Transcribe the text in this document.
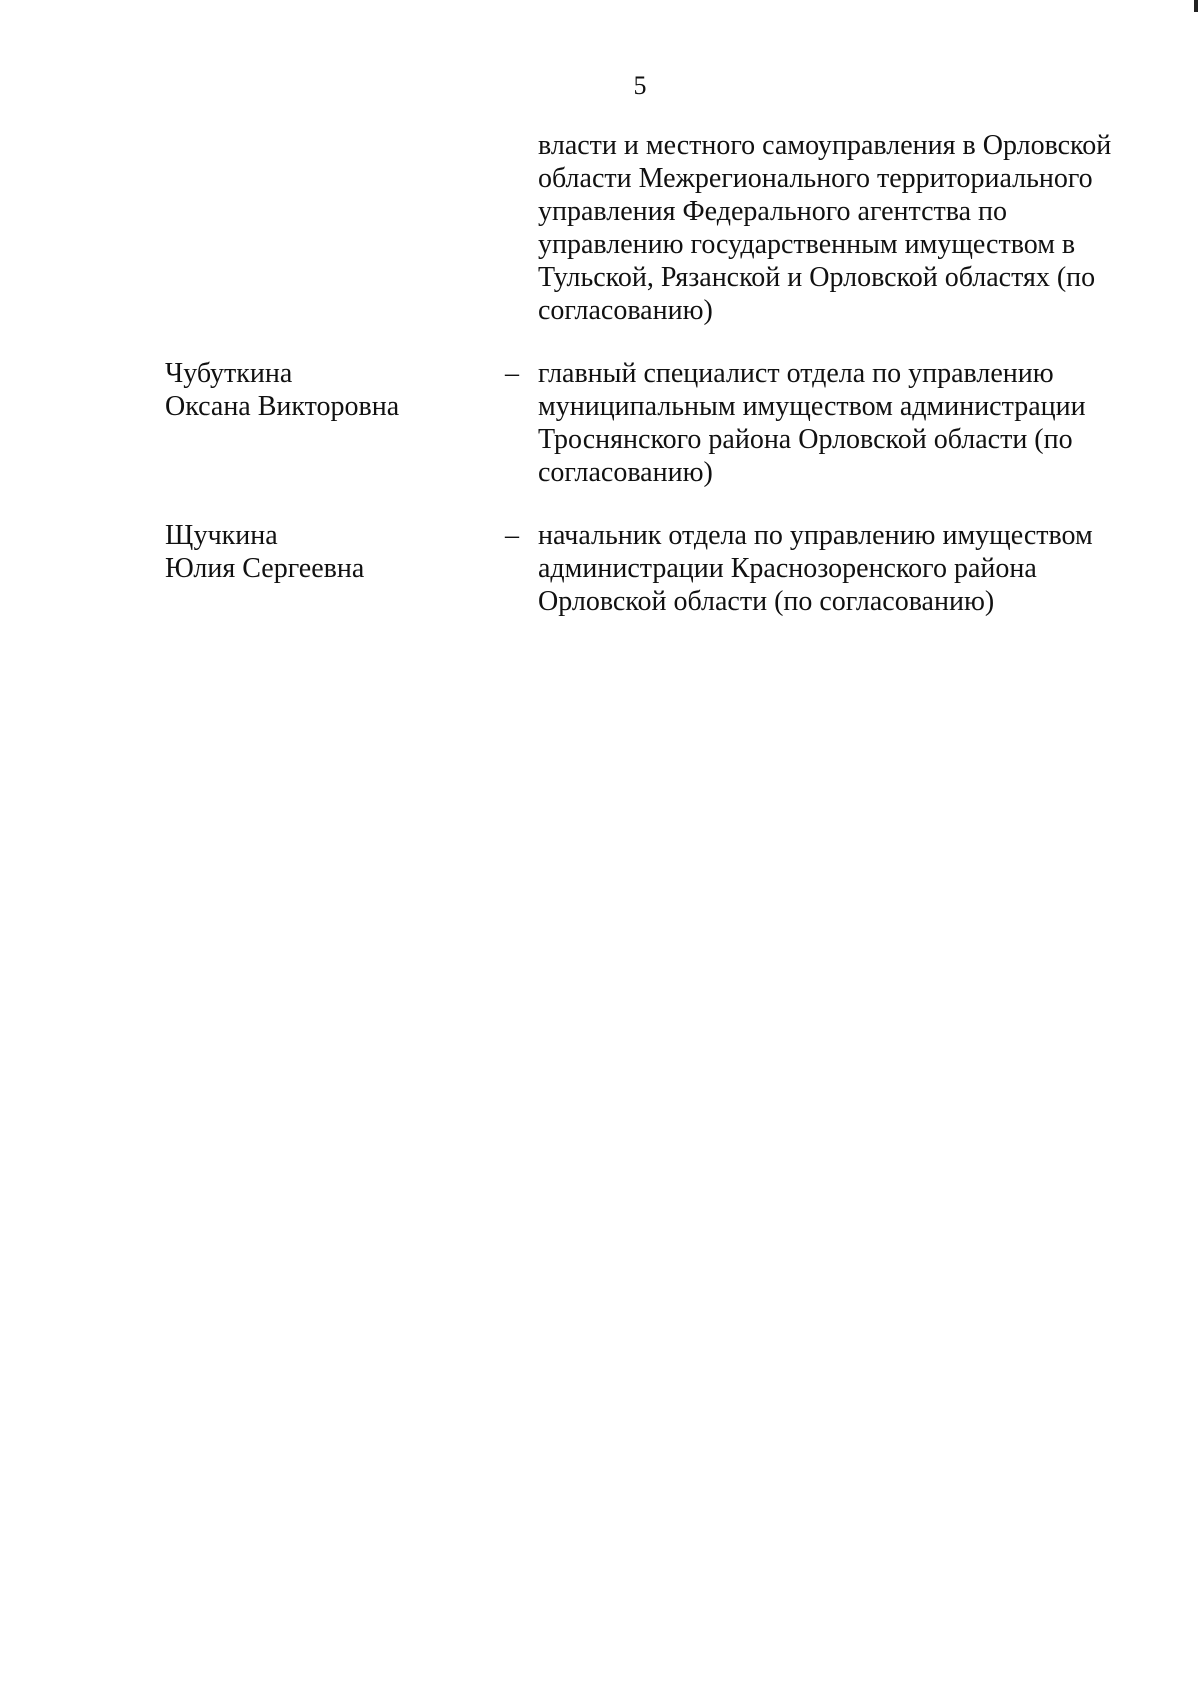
5
власти и местного самоуправления в Орловской
области Межрегионального территориального
управления Федерального агентства по
управлению государственным имуществом в
Тульской, Рязанской и Орловской областях (по
согласованию)
Чубуткина
Оксана Викторовна
– главный специалист отдела по управлению
муниципальным имуществом администрации
Троснянского района Орловской области (по
согласованию)
Щучкина
Юлия Сергеевна
– начальник отдела по управлению имуществом
администрации Краснозоренского района
Орловской области (по согласованию)
